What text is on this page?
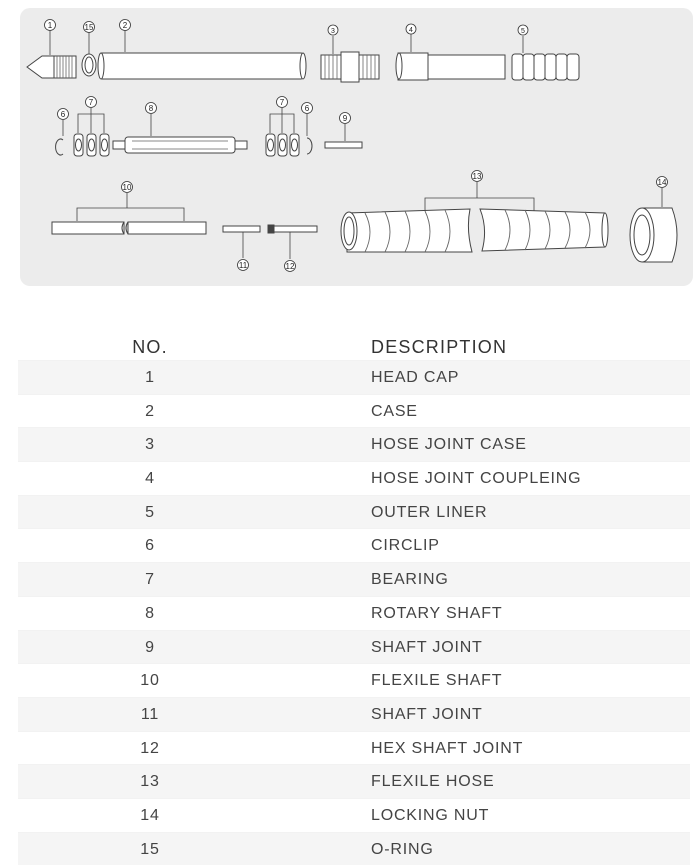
1	15	2
3	4	5
6
7
8
7
6
9
10
11	12
13
14
NO.	DESCRIPTION
1	HEAD CAP
2	CASE
3	HOSE JOINT CASE
4	HOSE JOINT COUPLEING
5	OUTER LINER
6	CIRCLIP
7	BEARING
8	ROTARY SHAFT
9	SHAFT JOINT
10	FLEXILE SHAFT
11	SHAFT JOINT
12	HEX SHAFT JOINT
13	FLEXILE HOSE
14	LOCKING NUT
15	O-RING
